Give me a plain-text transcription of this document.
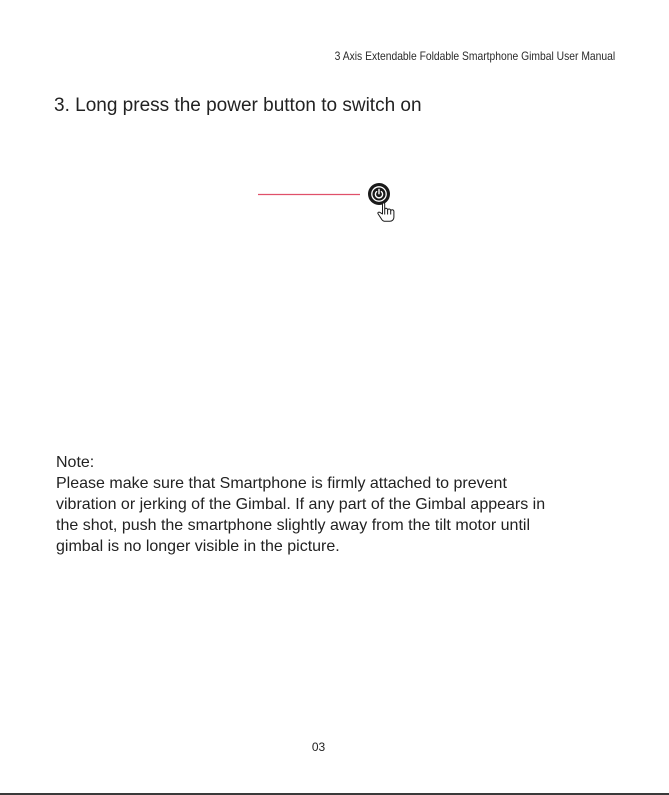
3 Axis Extendable Foldable Smartphone Gimbal User Manual
3. Long press the power button to switch on
Note:
Please make sure that Smartphone is firmly attached to prevent
vibration or jerking of the Gimbal. If any part of the Gimbal appears in
the shot, push the smartphone slightly away from the tilt motor until
gimbal is no longer visible in the picture.
03
